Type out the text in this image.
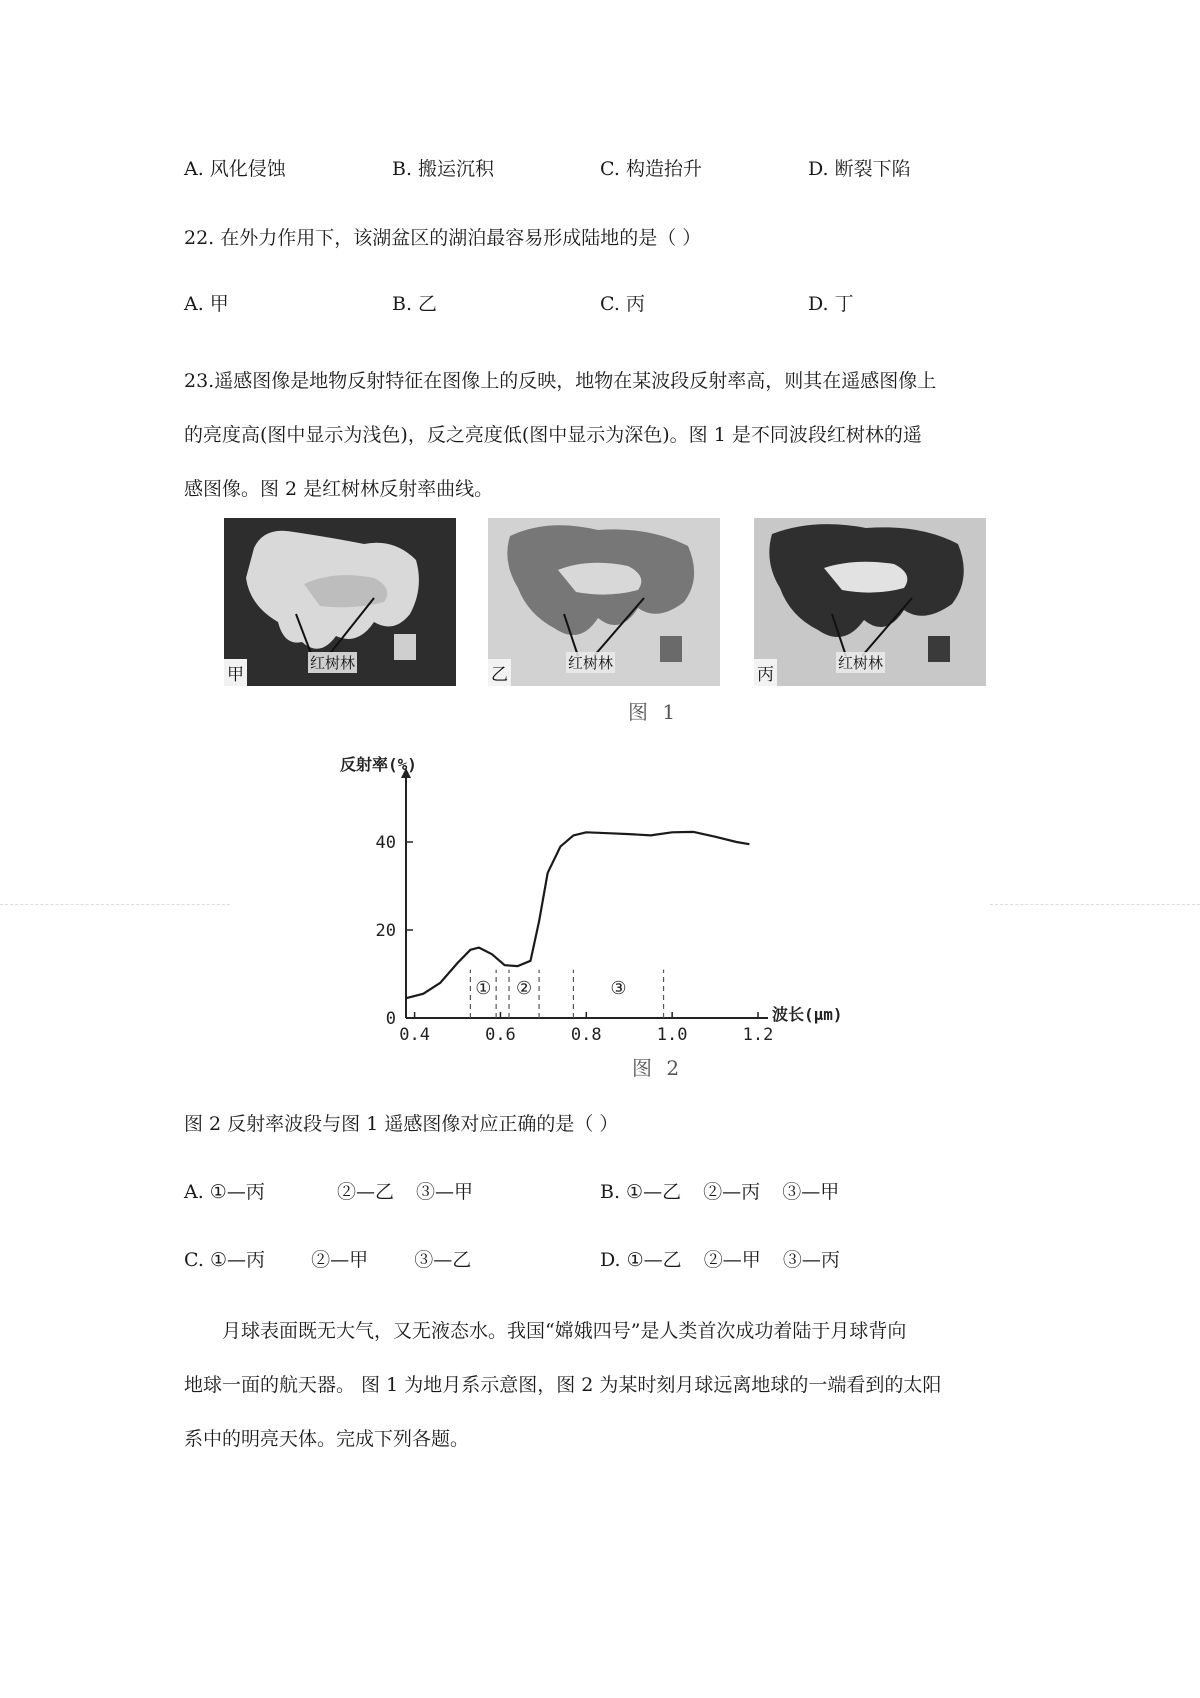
A. 风化侵蚀	B. 搬运沉积	C. 构造抬升	D. 断裂下陷
22. 在外力作用下，该湖盆区的湖泊最容易形成陆地的是（ ）
A. 甲	B. 乙	C. 丙	D. 丁
23.遥感图像是地物反射特征在图像上的反映，地物在某波段反射率高，则其在遥感图像上
的亮度高(图中显示为浅色)，反之亮度低(图中显示为深色)。图 1 是不同波段红树林的遥
感图像。图 2 是红树林反射率曲线。
红树林
甲
红树林
乙
红树林
丙
图 1
反射率(%)
波长(μm)
0
20
40
0.4	0.6	0.8	1.0	1.2
① ②	③
图 2
图 2 反射率波段与图 1 遥感图像对应正确的是（ ）
A. ①—丙	②—乙 ③—甲	B. ①—乙 ②—丙 ③—甲
C. ①—丙 ②—甲 ③—乙	D. ①—乙 ②—甲 ③—丙
月球表面既无大气，又无液态水。我国“嫦娥四号”是人类首次成功着陆于月球背向
地球一面的航天器。 图 1 为地月系示意图，图 2 为某时刻月球远离地球的一端看到的太阳
系中的明亮天体。完成下列各题。
